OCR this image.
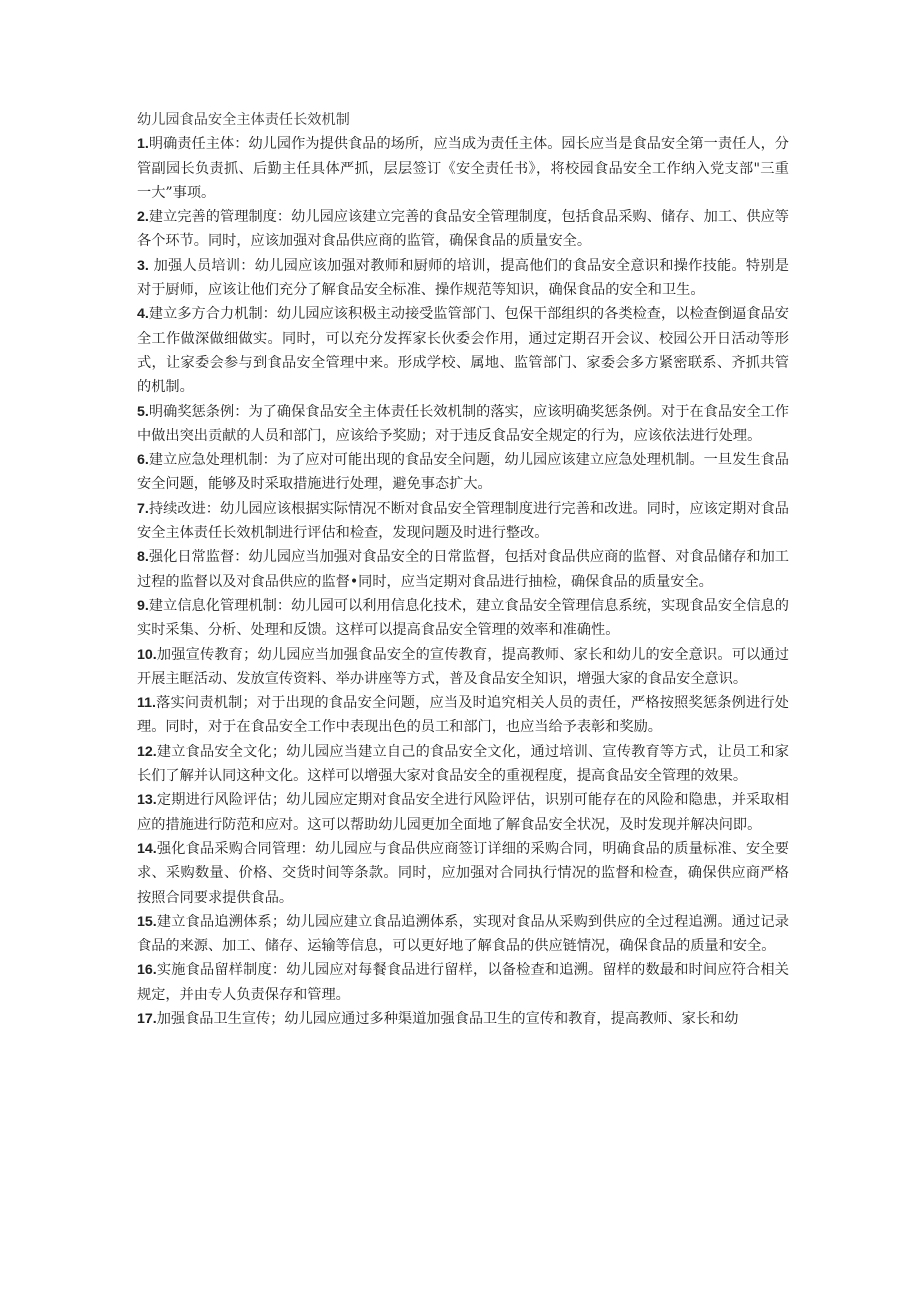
幼儿园食品安全主体责任长效机制

1.明确责任主体：幼儿园作为提供食品的场所，应当成为责任主体。园长应当是食品安全第一责任人，分管副园长负责抓、后勤主任具体严抓，层层签订《安全责任书》，将校园食品安全工作纳入党支部"三重一大”事项。

2.建立完善的管理制度：幼儿园应该建立完善的食品安全管理制度，包括食品采购、储存、加工、供应等各个环节。同时，应该加强对食品供应商的监管，确保食品的质量安全。

3. 加强人员培训：幼儿园应该加强对教师和厨师的培训，提高他们的食品安全意识和操作技能。特别是对于厨师，应该让他们充分了解食品安全标准、操作规范等知识，确保食品的安全和卫生。

4.建立多方合力机制：幼儿园应该积极主动接受监管部门、包保干部组织的各类检查，以检查倒逼食品安全工作做深做细做实。同时，可以充分发挥家长伙委会作用，通过定期召开会议、校园公开日活动等形式，让家委会参与到食品安全管理中来。形成学校、属地、监管部门、家委会多方紧密联系、齐抓共管的机制。

5.明确奖惩条例：为了确保食品安全主体责任长效机制的落实，应该明确奖惩条例。对于在食品安全工作中做出突出贡献的人员和部门，应该给予奖励；对于违反食品安全规定的行为，应该依法进行处理。

6.建立应急处理机制：为了应对可能出现的食品安全问题，幼儿园应该建立应急处理机制。一旦发生食品安全问题，能够及时采取措施进行处理，避免事态扩大。

7.持续改进：幼儿园应该根据实际情况不断对食品安全管理制度进行完善和改进。同时，应该定期对食品安全主体责任长效机制进行评估和检查，发现问题及时进行整改。

8.强化日常监督：幼儿园应当加强对食品安全的日常监督，包括对食品供应商的监督、对食品储存和加工过程的监督以及对食品供应的监督•同时，应当定期对食品进行抽检，确保食品的质量安全。

9.建立信息化管理机制：幼儿园可以利用信息化技术，建立食品安全管理信息系统，实现食品安全信息的实时采集、分析、处理和反馈。这样可以提高食品安全管理的效率和准确性。

10.加强宣传教育；幼儿园应当加强食品安全的宣传教育，提高教师、家长和幼儿的安全意识。可以通过开展主眶活动、发放宣传资料、举办讲座等方式，普及食品安全知识，增强大家的食品安全意识。

11.落实问责机制；对于出现的食品安全问题，应当及时追究相关人员的责任，严格按照奖惩条例进行处理。同时，对于在食品安全工作中表现出色的员工和部门，也应当给予表彰和奖励。

12.建立食品安全文化；幼儿园应当建立自己的食品安全文化，通过培训、宣传教育等方式，让员工和家长们了解并认同这种文化。这样可以增强大家对食品安全的重视程度，提高食品安全管理的效果。

13.定期进行风险评估；幼儿园应定期对食品安全进行风险评估，识别可能存在的风险和隐患，并采取相应的措施进行防范和应对。这可以帮助幼儿园更加全面地了解食品安全状况，及时发现并解决问即。

14.强化食品采购合同管理：幼儿园应与食品供应商签订详细的采购合同，明确食品的质量标准、安全要求、采购数量、价格、交货时间等条款。同时，应加强对合同执行情况的监督和检查，确保供应商严格按照合同要求提供食品。

15.建立食品追溯体系；幼儿园应建立食品追溯体系，实现对食品从采购到供应的全过程追溯。通过记录食品的来源、加工、储存、运输等信息，可以更好地了解食品的供应链情况，确保食品的质量和安全。

16.实施食品留样制度：幼儿园应对每餐食品进行留样，以备检查和追溯。留样的数最和时间应符合相关规定，并由专人负责保存和管理。

17.加强食品卫生宣传；幼儿园应通过多种渠道加强食品卫生的宣传和教育，提高教师、家长和幼
